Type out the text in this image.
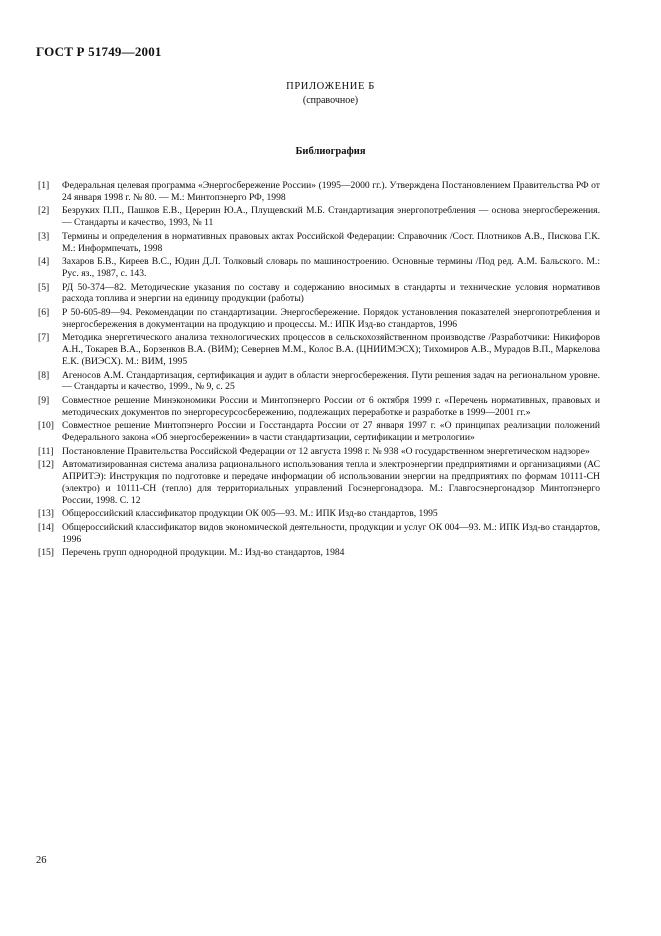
ГОСТ Р 51749—2001
ПРИЛОЖЕНИЕ Б
(справочное)
Библиография
[1]	Федеральная целевая программа «Энергосбережение России» (1995—2000 гг.). Утверждена Постановлением Правительства РФ от 24 января 1998 г. № 80. — М.: Минтопэнерго РФ, 1998
[2]	Безруких П.П., Пашков Е.В., Церерин Ю.А., Плущевский М.Б. Стандартизация энергопотребления — основа энергосбережения. — Стандарты и качество, 1993, № 11
[3]	Термины и определения в нормативных правовых актах Российской Федерации: Справочник /Сост. Плотников А.В., Пискова Г.К. М.: Информпечать, 1998
[4]	Захаров Б.В., Киреев В.С., Юдин Д.Л. Толковый словарь по машиностроению. Основные термины /Под ред. А.М. Бальского. М.: Рус. яз., 1987, с. 143.
[5]	РД 50-374—82. Методические указания по составу и содержанию вносимых в стандарты и технические условия нормативов расхода топлива и энергии на единицу продукции (работы)
[6]	Р 50-605-89—94. Рекомендации по стандартизации. Энергосбережение. Порядок установления показателей энергопотребления и энергосбережения в документации на продукцию и процессы. М.: ИПК Изд-во стандартов, 1996
[7]	Методика энергетического анализа технологических процессов в сельскохозяйственном производстве /Разработчики: Никифоров А.Н., Токарев В.А., Борзенков В.А. (ВИМ); Севернев М.М., Колос В.А. (ЦНИИМЭСХ); Тихомиров А.В., Мурадов В.П., Маркелова Е.К. (ВИЭСХ). М.: ВИМ, 1995
[8]	Агеносов А.М. Стандартизация, сертификация и аудит в области энергосбережения. Пути решения задач на региональном уровне.— Стандарты и качество, 1999., № 9, с. 25
[9]	Совместное решение Минэкономики России и Минтопэнерго России от 6 октября 1999 г. «Перечень нормативных, правовых и методических документов по энергоресурсосбережению, подлежащих переработке и разработке в 1999—2001 гг.»
[10] Совместное решение Минтопэнерго России и Госстандарта России от 27 января 1997 г. «О принципах реализации положений Федерального закона «Об энергосбережении» в части стандартизации, сертификации и метрологии»
[11] Постановление Правительства Российской Федерации от 12 августа 1998 г. № 938 «О государственном энергетическом надзоре»
[12] Автоматизированная система анализа рационального использования тепла и электроэнергии предприятиями и организациями (АС АПРИТЭ): Инструкция по подготовке и передаче информации об использовании энергии на предприятиях по формам 10111-СН (электро) и 10111-СН (тепло) для территориальных управлений Госэнергонадзора. М.: Главгосэнергонадзор Минтопэнерго России, 1998. С. 12
[13] Общероссийский классификатор продукции ОК 005—93. М.: ИПК Изд-во стандартов, 1995
[14] Общероссийский классификатор видов экономической деятельности, продукции и услуг ОК 004—93. М.: ИПК Изд-во стандартов, 1996
[15] Перечень групп однородной продукции. М.: Изд-во стандартов, 1984
26
